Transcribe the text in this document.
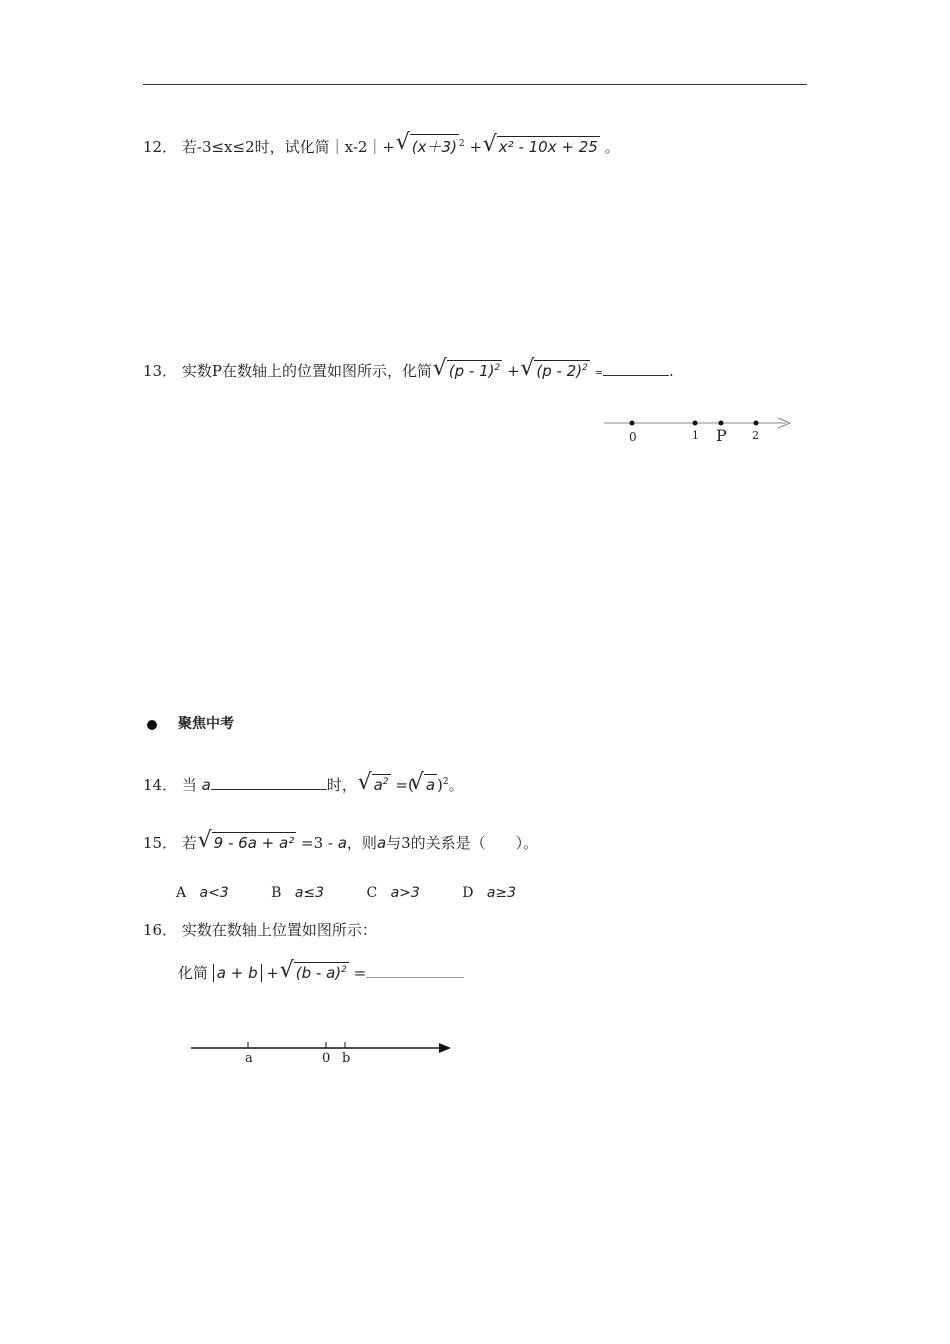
12． 若-3≤x≤2时，试化简｜x-2｜+ √ (x＋3) $^2$ + √ x² - 10x + 25 。
13． 实数P在数轴上的位置如图所示，化简 √ (p - 1)$^2$ + √ (p - 2)$^2$ =	.
0	1 P 2
聚焦中考
14． 当 a	时， √ $a^2$ =( √ a )$^2$。
15． 若 √ 9 - 6a + a² =3 - a，则a与3的关系是（　　）。
A a<3	B a≤3	C a>3	D a≥3
16． 实数在数轴上位置如图所示：
化简 a + b + √ (b - a)$^2$ =
a	0 b
